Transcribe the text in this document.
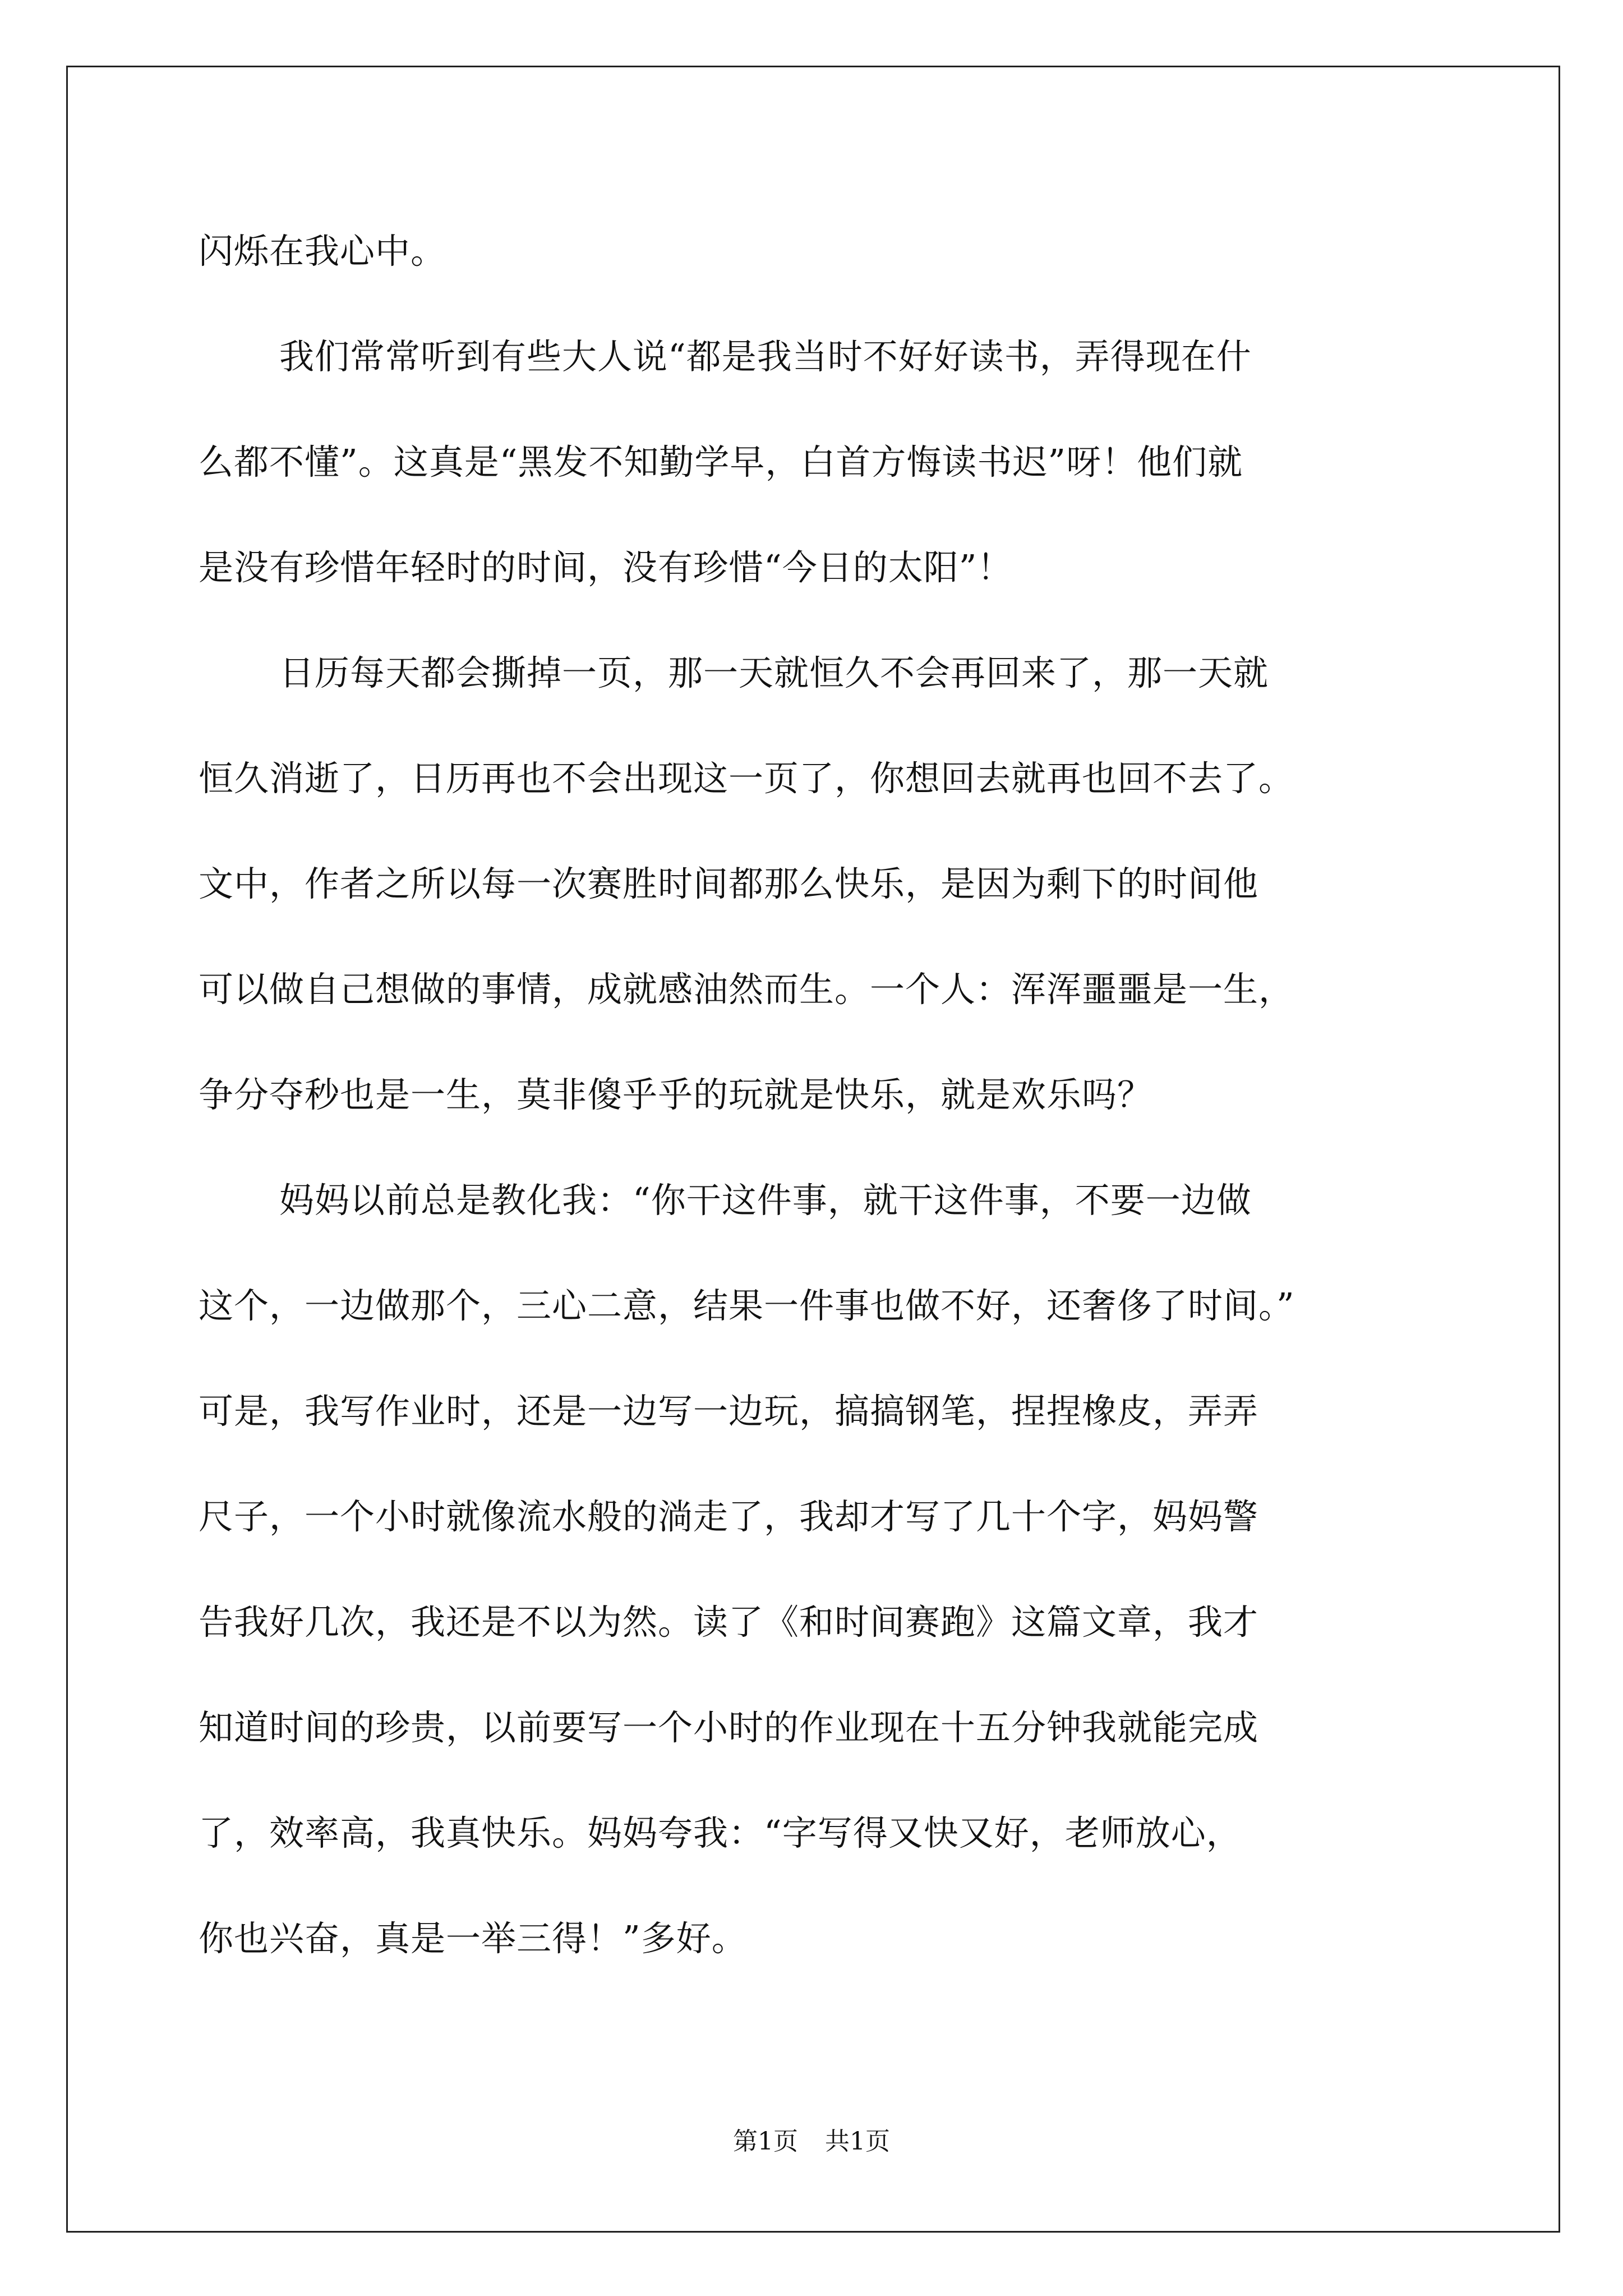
闪烁在我心中。
我们常常听到有些大人说“都是我当时不好好读书，弄得现在什
么都不懂”。这真是“黑发不知勤学早，白首方悔读书迟”呀！他们就
是没有珍惜年轻时的时间，没有珍惜“今日的太阳”！
日历每天都会撕掉一页，那一天就恒久不会再回来了，那一天就
恒久消逝了，日历再也不会出现这一页了，你想回去就再也回不去了。
文中，作者之所以每一次赛胜时间都那么快乐，是因为剩下的时间他
可以做自己想做的事情，成就感油然而生。一个人：浑浑噩噩是一生，
争分夺秒也是一生，莫非傻乎乎的玩就是快乐，就是欢乐吗？
妈妈以前总是教化我：“你干这件事，就干这件事，不要一边做
这个，一边做那个，三心二意，结果一件事也做不好，还奢侈了时间。”
可是，我写作业时，还是一边写一边玩，搞搞钢笔，捏捏橡皮，弄弄
尺子，一个小时就像流水般的淌走了，我却才写了几十个字，妈妈警
告我好几次，我还是不以为然。读了《和时间赛跑》这篇文章，我才
知道时间的珍贵，以前要写一个小时的作业现在十五分钟我就能完成
了，效率高，我真快乐。妈妈夸我：“字写得又快又好，老师放心，
你也兴奋，真是一举三得！”多好。
第1页 共1页
